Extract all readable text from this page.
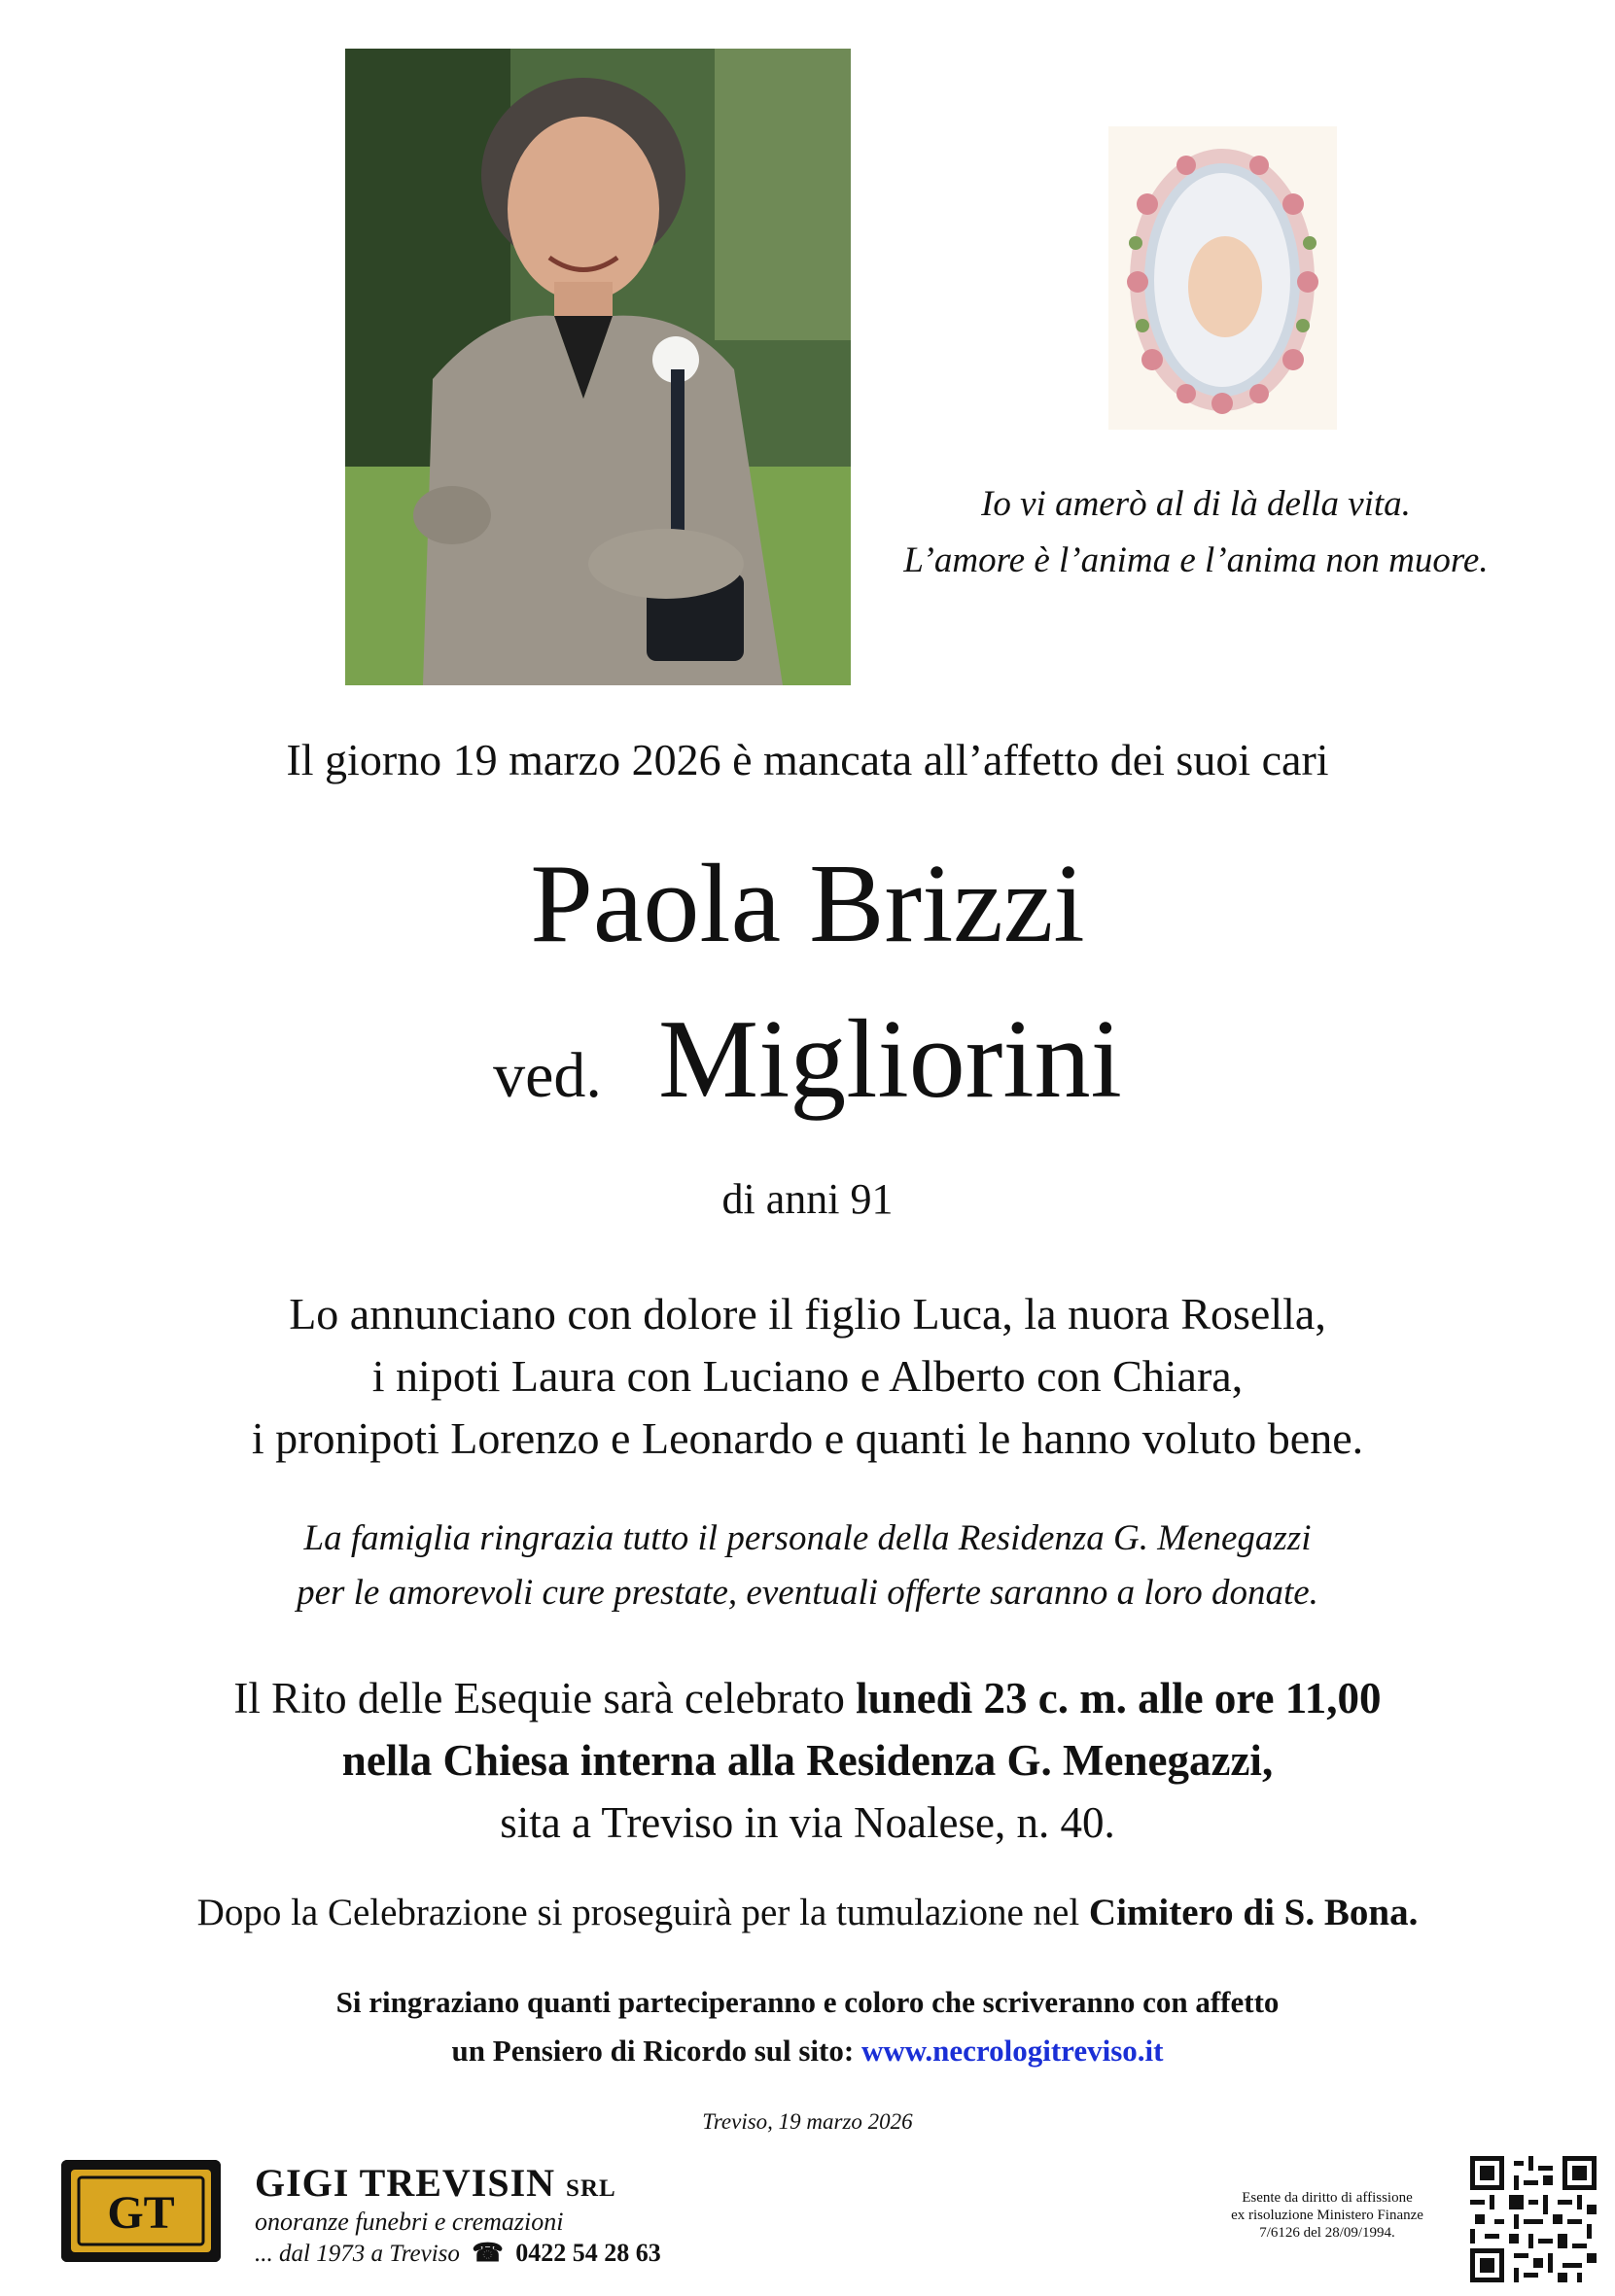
Io vi amerò al di là della vita.
L’amore è l’anima e l’anima non muore.
Il giorno 19 marzo 2026 è mancata all’affetto dei suoi cari
Paola Brizzi
ved. Migliorini
di anni 91
Lo annunciano con dolore il figlio Luca, la nuora Rosella,
i nipoti Laura con Luciano e Alberto con Chiara,
i pronipoti Lorenzo e Leonardo e quanti le hanno voluto bene.
La famiglia ringrazia tutto il personale della Residenza G. Menegazzi
per le amorevoli cure prestate, eventuali offerte saranno a loro donate.
Il Rito delle Esequie sarà celebrato lunedì 23 c. m. alle ore 11,00
nella Chiesa interna alla Residenza G. Menegazzi,
sita a Treviso in via Noalese, n. 40.
Dopo la Celebrazione si proseguirà per la tumulazione nel Cimitero di S. Bona.
Si ringraziano quanti parteciperanno e coloro che scriveranno con affetto
un Pensiero di Ricordo sul sito: www.necrologitreviso.it
Treviso, 19 marzo 2026
GT
GIGI TREVISIN SRL
onoranze funebri e cremazioni
... dal 1973 a Treviso ☎ 0422 54 28 63
Esente da diritto di affissione
ex risoluzione Ministero Finanze
7/6126 del 28/09/1994.
